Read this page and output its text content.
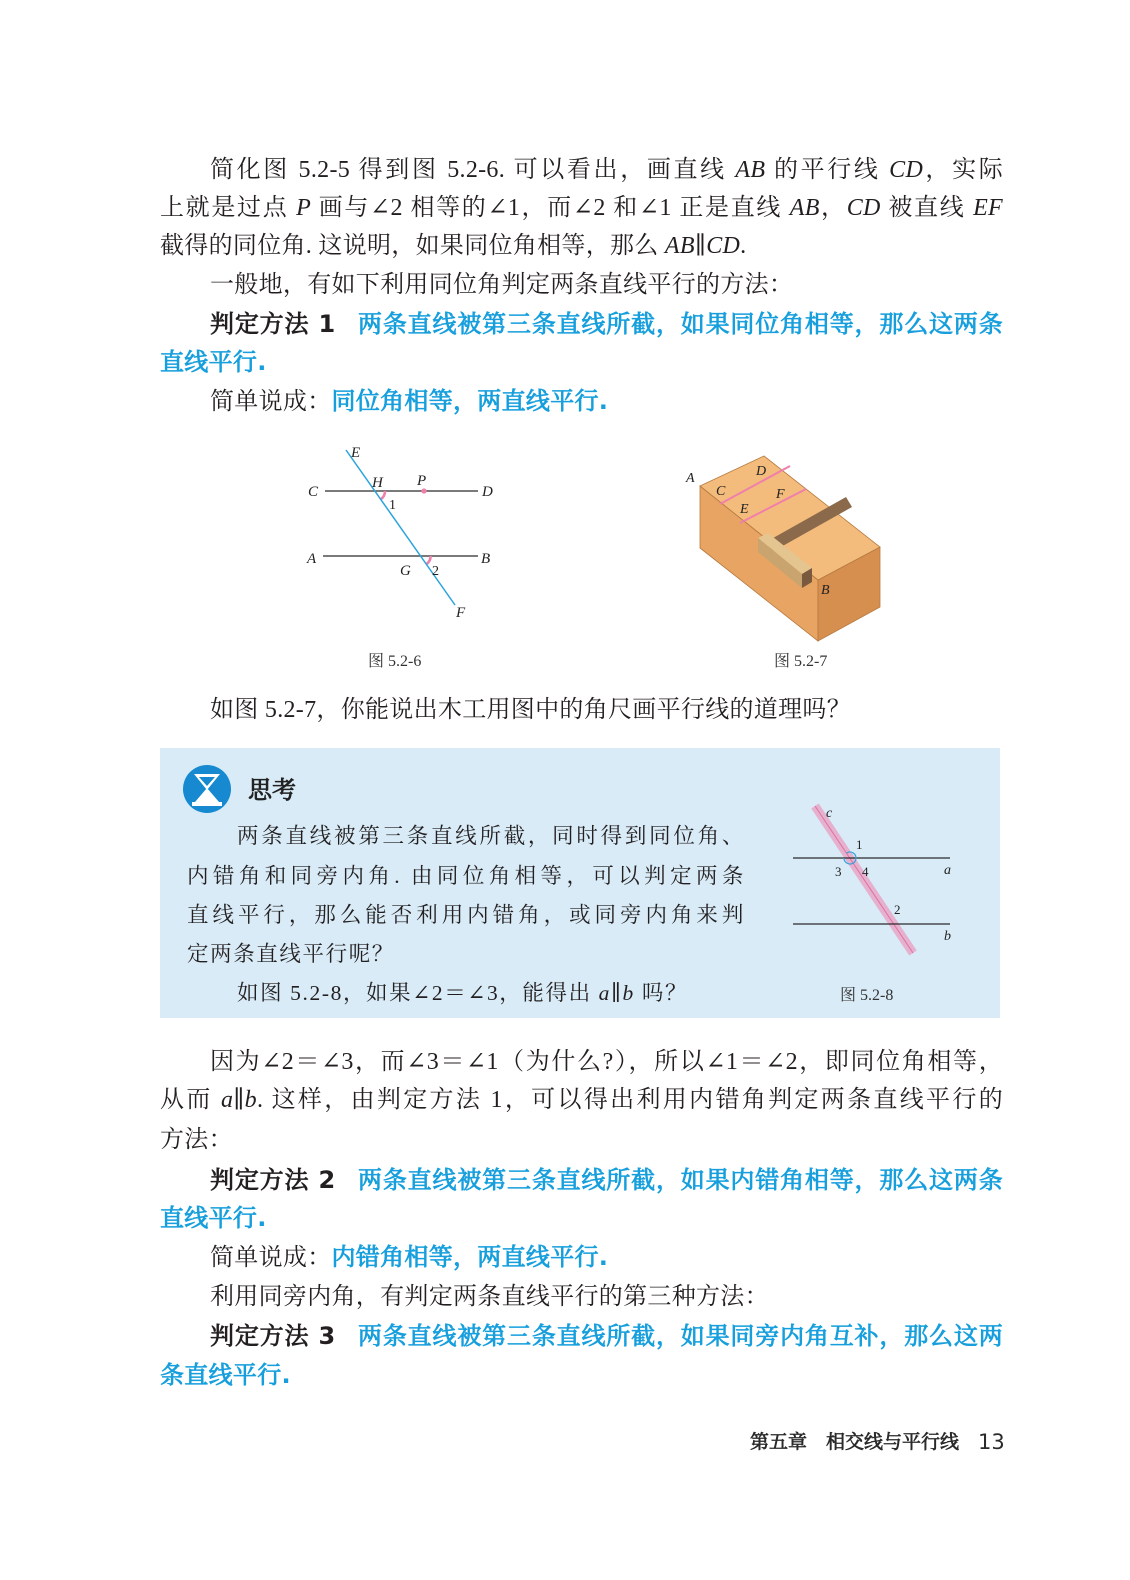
简化图 5.2-5 得到图 5.2-6. 可以看出，画直线 AB 的平行线 CD，实际
上就是过点 P 画与∠2 相等的∠1，而∠2 和∠1 正是直线 AB，CD 被直线 EF
截得的同位角. 这说明，如果同位角相等，那么 AB∥CD.
一般地，有如下利用同位角判定两条直线平行的方法：
判定方法 1 两条直线被第三条直线所截，如果同位角相等，那么这两条
直线平行.
简单说成：同位角相等，两直线平行.
E
C
H P
D
1
A	B
G 2
F
图 5.2-6
A
C
D
E
F
B
图 5.2-7
如图 5.2-7，你能说出木工用图中的角尺画平行线的道理吗？
思考
两条直线被第三条直线所截，同时得到同位角、
内错角和同旁内角. 由同位角相等，可以判定两条
直线平行，那么能否利用内错角，或同旁内角来判
定两条直线平行呢？
如图 5.2-8，如果∠2＝∠3，能得出 a∥b 吗？
c
1
3 4	a
2
b
图 5.2-8
因为∠2＝∠3，而∠3＝∠1（为什么?），所以∠1＝∠2，即同位角相等，
从而 a∥b. 这样，由判定方法 1，可以得出利用内错角判定两条直线平行的
方法：
判定方法 2 两条直线被第三条直线所截，如果内错角相等，那么这两条
直线平行.
简单说成：内错角相等，两直线平行.
利用同旁内角，有判定两条直线平行的第三种方法：
判定方法 3 两条直线被第三条直线所截，如果同旁内角互补，那么这两
条直线平行.
第五章 相交线与平行线 13
